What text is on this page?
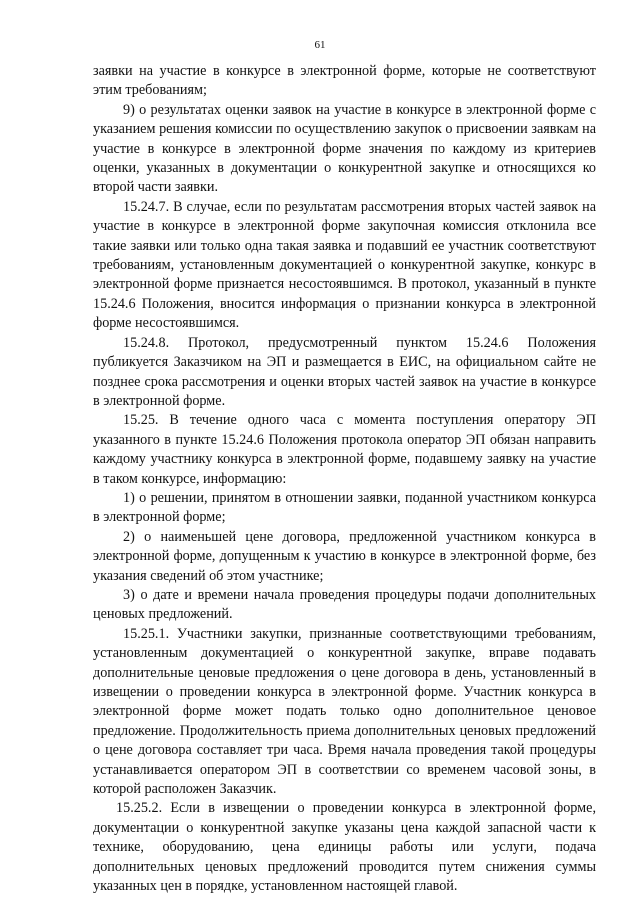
61

заявки на участие в конкурсе в электронной форме, которые не соответствуют этим требованиям;

9) о результатах оценки заявок на участие в конкурсе в электронной форме с указанием решения комиссии по осуществлению закупок о присвоении заявкам на участие в конкурсе в электронной форме значения по каждому из критериев оценки, указанных в документации о конкурентной закупке и относящихся ко второй части заявки.

15.24.7. В случае, если по результатам рассмотрения вторых частей заявок на участие в конкурсе в электронной форме закупочная комиссия отклонила все такие заявки или только одна такая заявка и подавший ее участник соответствуют требованиям, установленным документацией о конкурентной закупке, конкурс в электронной форме признается несостоявшимся. В протокол, указанный в пункте 15.24.6 Положения, вносится информация о признании конкурса в электронной форме несостоявшимся.

15.24.8. Протокол, предусмотренный пунктом 15.24.6 Положения публикуется Заказчиком на ЭП и размещается в ЕИС, на официальном сайте не позднее срока рассмотрения и оценки вторых частей заявок на участие в конкурсе в электронной форме.

15.25. В течение одного часа с момента поступления оператору ЭП указанного в пункте 15.24.6 Положения протокола оператор ЭП обязан направить каждому участнику конкурса в электронной форме, подавшему заявку на участие в таком конкурсе, информацию:

1) о решении, принятом в отношении заявки, поданной участником конкурса в электронной форме;

2) о наименьшей цене договора, предложенной участником конкурса в электронной форме, допущенным к участию в конкурсе в электронной форме, без указания сведений об этом участнике;

3) о дате и времени начала проведения процедуры подачи дополнительных ценовых предложений.

15.25.1. Участники закупки, признанные соответствующими требованиям, установленным документацией о конкурентной закупке, вправе подавать дополнительные ценовые предложения о цене договора в день, установленный в извещении о проведении конкурса в электронной форме. Участник конкурса в электронной форме может подать только одно дополнительное ценовое предложение. Продолжительность приема дополнительных ценовых предложений о цене договора составляет три часа. Время начала проведения такой процедуры устанавливается оператором ЭП в соответствии со временем часовой зоны, в которой расположен Заказчик.

15.25.2. Если в извещении о проведении конкурса в электронной форме, документации о конкурентной закупке указаны цена каждой запасной части к технике, оборудованию, цена единицы работы или услуги, подача дополнительных ценовых предложений проводится путем снижения суммы указанных цен в порядке, установленном настоящей главой.
